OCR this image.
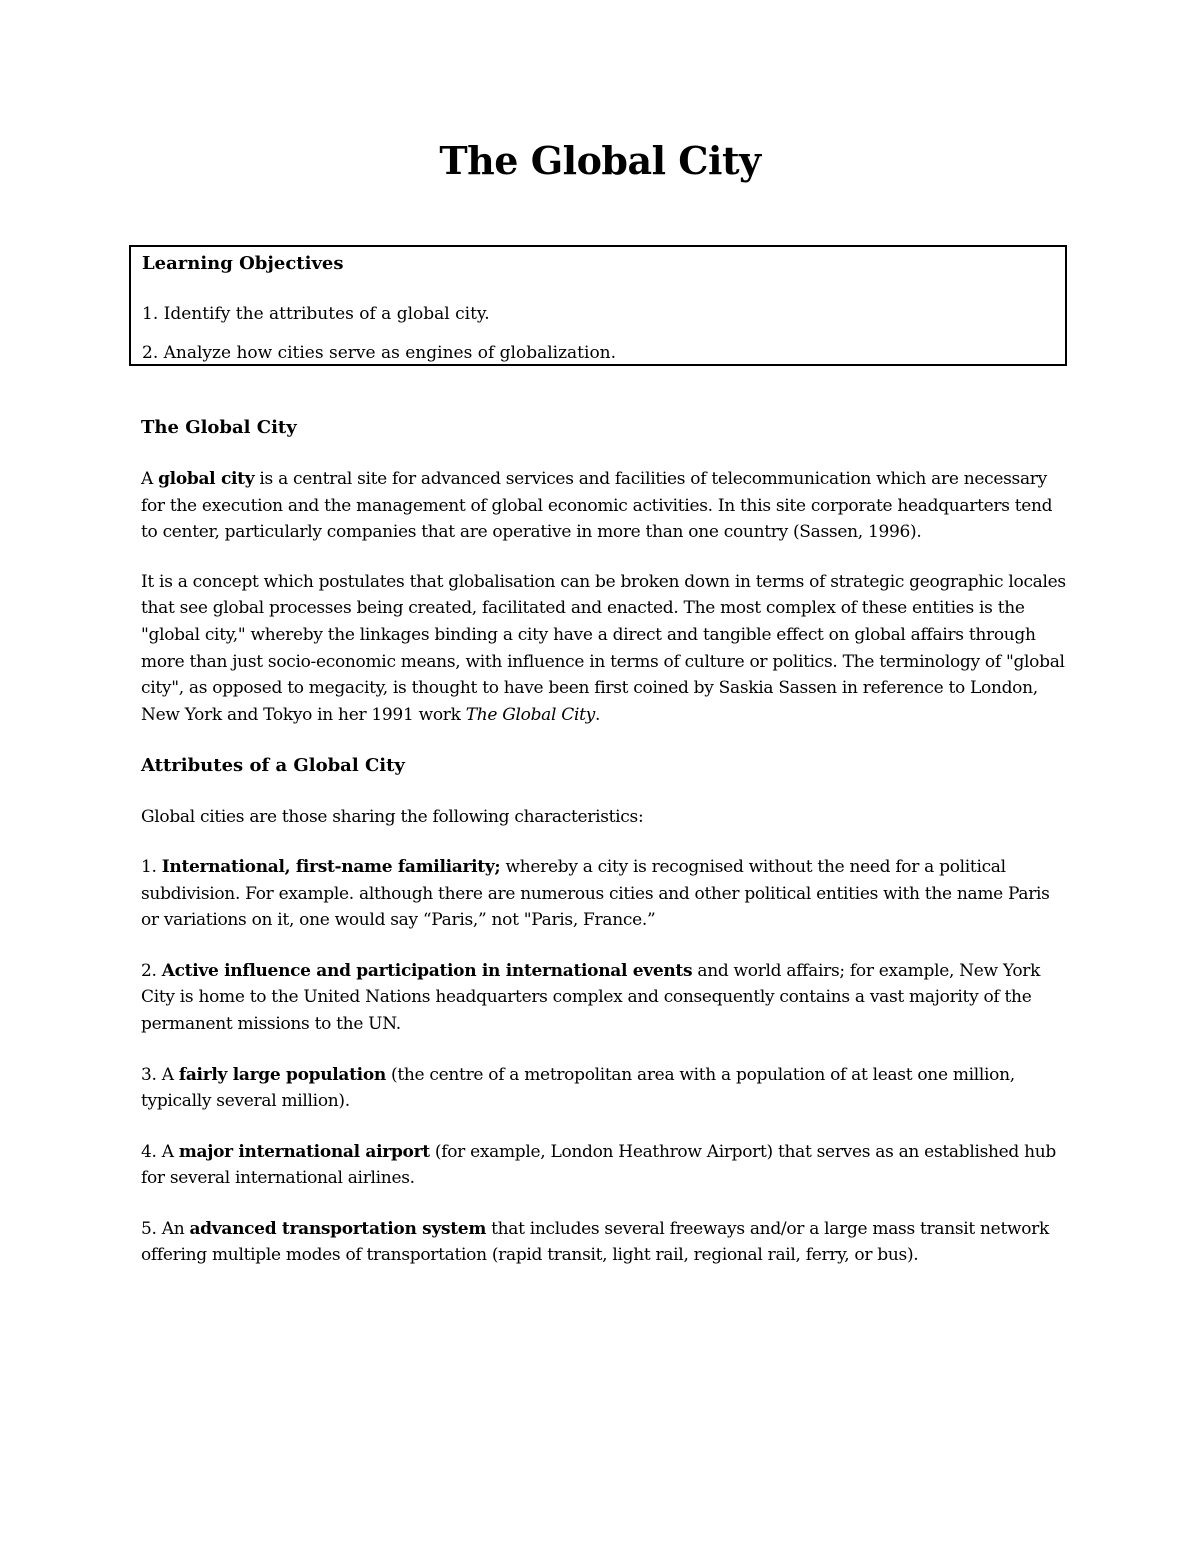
The Global City
Learning Objectives
1. Identify the attributes of a global city.
2. Analyze how cities serve as engines of globalization.
The Global City

A global city is a central site for advanced services and facilities of telecommunication which are necessary for the execution and the management of global economic activities. In this site corporate headquarters tend to center, particularly companies that are operative in more than one country (Sassen, 1996).

It is a concept which postulates that globalisation can be broken down in terms of strategic geographic locales that see global processes being created, facilitated and enacted. The most complex of these entities is the "global city," whereby the linkages binding a city have a direct and tangible effect on global affairs through more than just socio-economic means, with influence in terms of culture or politics. The terminology of "global city", as opposed to megacity, is thought to have been first coined by Saskia Sassen in reference to London, New York and Tokyo in her 1991 work The Global City.

Attributes of a Global City

Global cities are those sharing the following characteristics:

1. International, first-name familiarity; whereby a city is recognised without the need for a political subdivision. For example. although there are numerous cities and other political entities with the name Paris or variations on it, one would say “Paris,” not "Paris, France.”

2. Active influence and participation in international events and world affairs; for example, New York City is home to the United Nations headquarters complex and consequently contains a vast majority of the permanent missions to the UN.

3. A fairly large population (the centre of a metropolitan area with a population of at least one million, typically several million).

4. A major international airport (for example, London Heathrow Airport) that serves as an established hub for several international airlines.

5. An advanced transportation system that includes several freeways and/or a large mass transit network offering multiple modes of transportation (rapid transit, light rail, regional rail, ferry, or bus).
